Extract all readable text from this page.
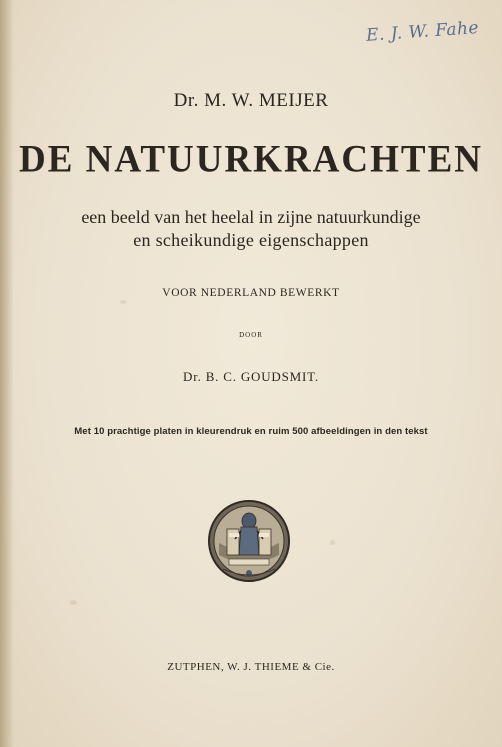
E. J. W. Fahe
Dr. M. W. MEIJER
DE NATUURKRACHTEN
een beeld van het heelal in zijne natuurkundige
en scheikundige eigenschappen
VOOR NEDERLAND BEWERKT
DOOR
Dr. B. C. GOUDSMIT.
Met 10 prachtige platen in kleurendruk en ruim 500 afbeeldingen in den tekst
ZUTPHEN, W. J. THIEME & Cie.
